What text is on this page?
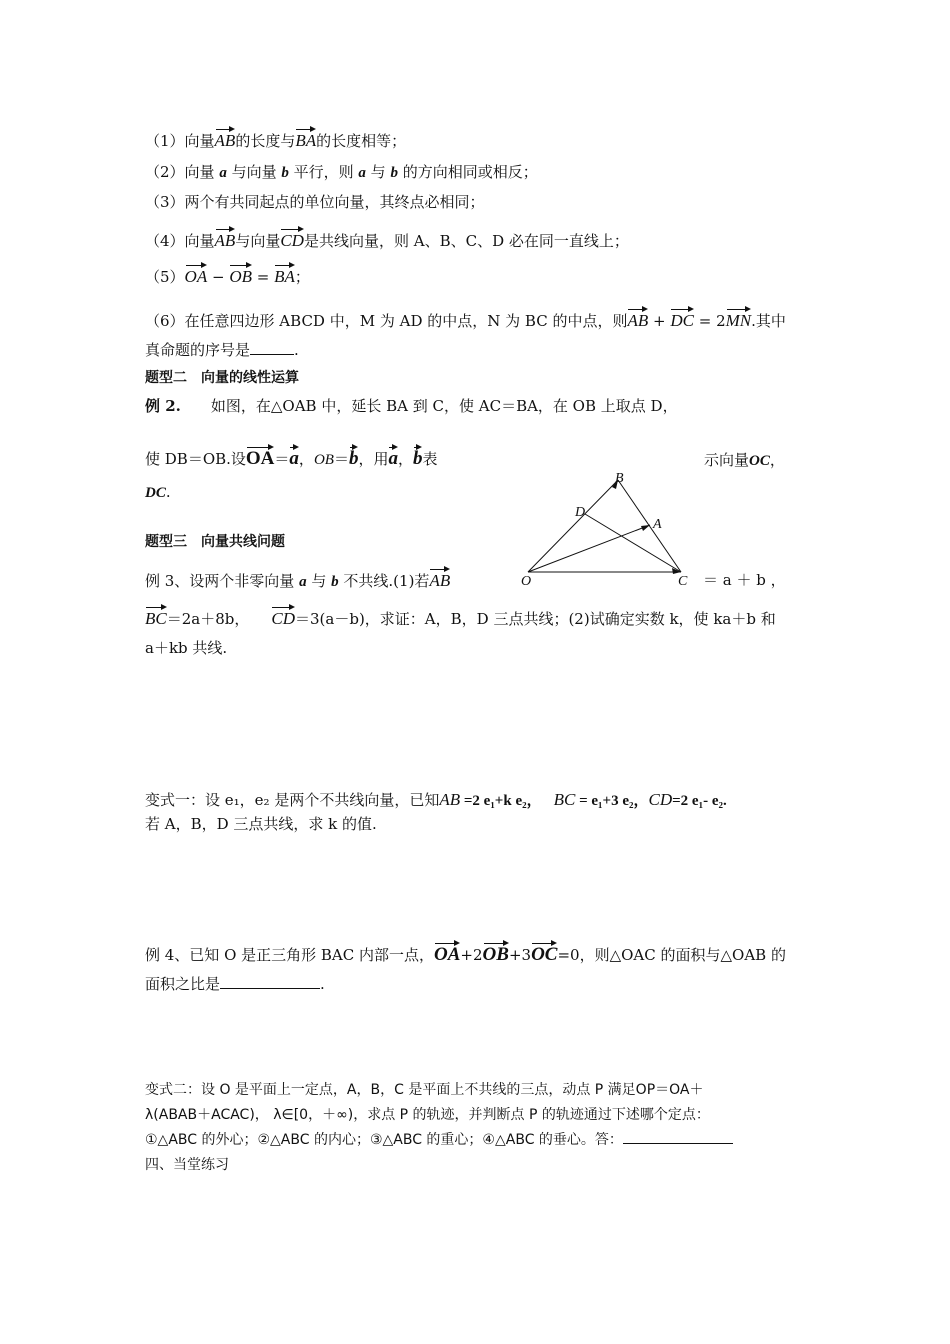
（1）向量AB的长度与BA的长度相等；
（2）向量 a 与向量 b 平行，则 a 与 b 的方向相同或相反；
（3）两个有共同起点的单位向量，其终点必相同；
（4）向量AB与向量CD是共线向量，则 A、B、C、D 必在同一直线上；
（5）OA − OB = BA；
（6）在任意四边形 ABCD 中，M 为 AD 的中点，N 为 BC 的中点，则AB + DC = 2MN.其中
真命题的序号是	.
题型二　向量的线性运算
例 2.　　如图，在△OAB 中，延长 BA 到 C，使 AC＝BA，在 OB 上取点 D，
使 DB＝OB.设OA＝a，OB＝b，用a，b表	示向量OC，
DC.
B
D
A
O	C
题型三　向量共线问题
例 3、设两个非零向量 a 与 b 不共线.(1)若AB	＝ a ＋ b ，
BC＝2a＋8b， CD＝3(a－b)，求证：A，B，D 三点共线；(2)试确定实数 k，使 ka＋b 和
a＋kb 共线.
变式一：设 e₁，e₂ 是两个不共线向量，已知AB =2 e₁+k e₂， BC = e₁+3 e₂，CD=2 e₁- e₂.
若 A，B，D 三点共线，求 k 的值.
例 4、已知 O 是正三角形 BAC 内部一点，OA+2OB+3OC=0，则△OAC 的面积与△OAB 的
面积之比是	.
变式二：设 O 是平面上一定点，A，B，C 是平面上不共线的三点，动点 P 满足OP＝OA＋
λ(ABAB＋ACAC)， λ∈[0，＋∞)，求点 P 的轨迹，并判断点 P 的轨迹通过下述哪个定点：
①△ABC 的外心；②△ABC 的内心；③△ABC 的重心；④△ABC 的垂心。答：
四、当堂练习
